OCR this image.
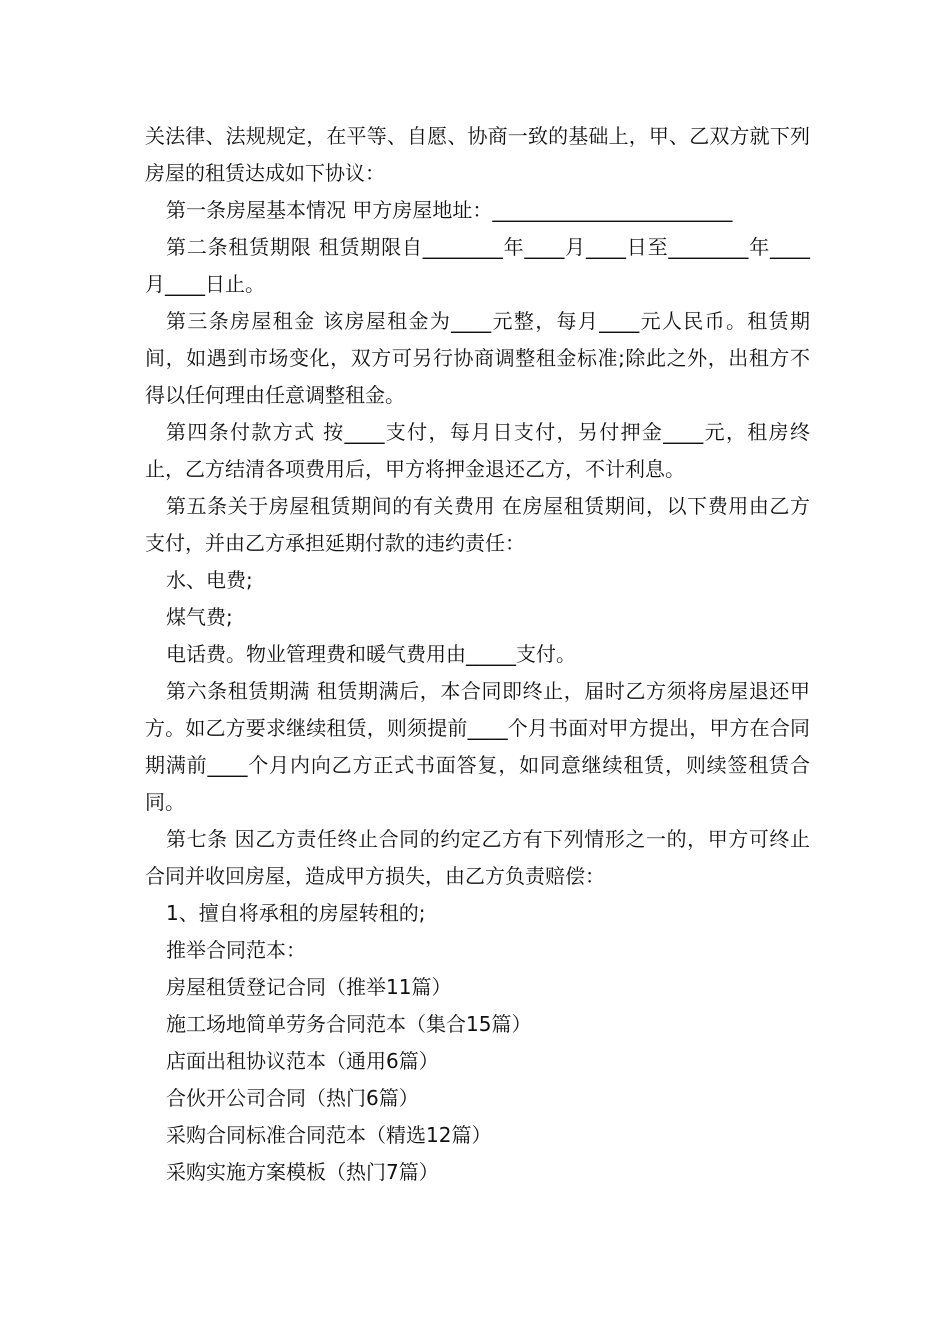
关法律、法规规定，在平等、自愿、协商一致的基础上，甲、乙双方就下列房屋的租赁达成如下协议：

第一条房屋基本情况 甲方房屋地址：________________________

第二条租赁期限 租赁期限自________年____月____日至________年____月____日止。

第三条房屋租金 该房屋租金为____元整，每月____元人民币。租赁期间，如遇到市场变化，双方可另行协商调整租金标准;除此之外，出租方不得以任何理由任意调整租金。

第四条付款方式 按____支付，每月日支付，另付押金____元，租房终止，乙方结清各项费用后，甲方将押金退还乙方，不计利息。

第五条关于房屋租赁期间的有关费用 在房屋租赁期间，以下费用由乙方支付，并由乙方承担延期付款的违约责任：

水、电费;

煤气费;

电话费。物业管理费和暖气费用由_____支付。

第六条租赁期满 租赁期满后，本合同即终止，届时乙方须将房屋退还甲方。如乙方要求继续租赁，则须提前____个月书面对甲方提出，甲方在合同期满前____个月内向乙方正式书面答复，如同意继续租赁，则续签租赁合同。

第七条 因乙方责任终止合同的约定乙方有下列情形之一的，甲方可终止合同并收回房屋，造成甲方损失，由乙方负责赔偿：

1、擅自将承租的房屋转租的;

推举合同范本：

房屋租赁登记合同（推举11篇）

施工场地简单劳务合同范本（集合15篇）

店面出租协议范本（通用6篇）

合伙开公司合同（热门6篇）

采购合同标准合同范本（精选12篇）

采购实施方案模板（热门7篇）
